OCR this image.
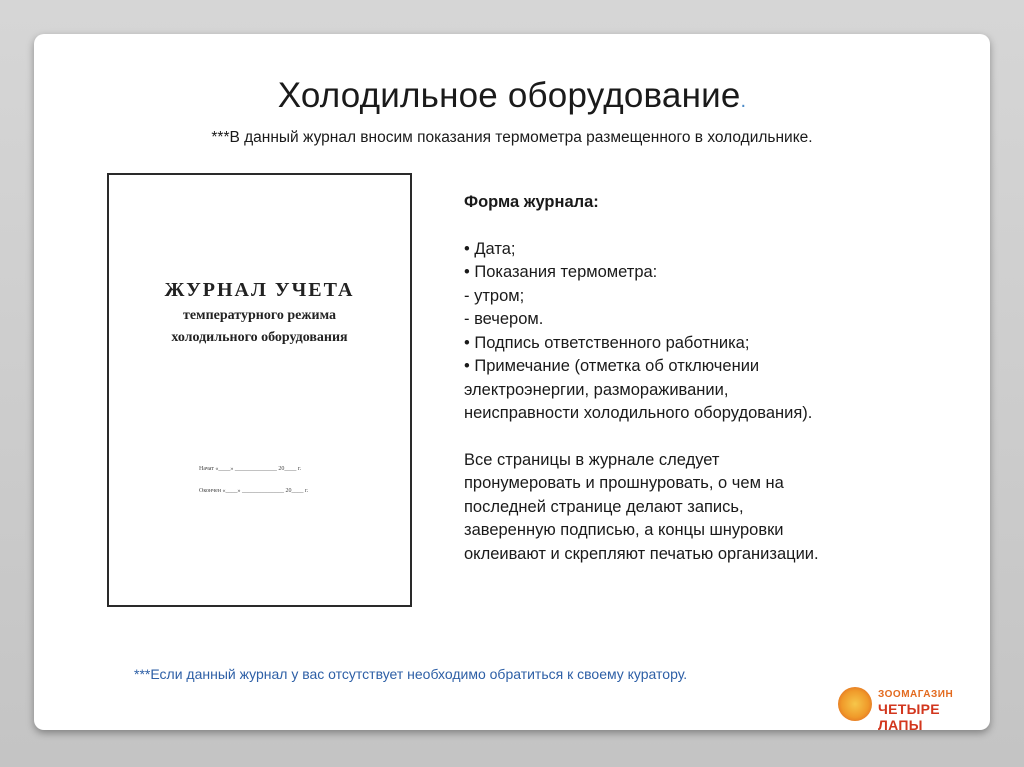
Холодильное оборудование.
***В данный журнал вносим показания термометра размещенного в холодильнике.
ЖУРНАЛ УЧЕТА
температурного режима
холодильного оборудования
Начат «____» ______________ 20____ г.
Окончен «____» ______________ 20____ г.
Форма журнала:
• Дата;
• Показания термометра:
- утром;
- вечером.
• Подпись ответственного работника;
• Примечание (отметка об отключении
электроэнергии, размораживании,
неисправности холодильного оборудования).
Все страницы в журнале следует
пронумеровать и прошнуровать, о чем на
последней странице делают запись,
заверенную подписью, а концы шнуровки
оклеивают и скрепляют печатью организации.
***Если данный журнал у вас отсутствует необходимо обратиться к своему куратору.
ЗООМАГАЗИН
ЧЕТЫРЕ ЛАПЫ
